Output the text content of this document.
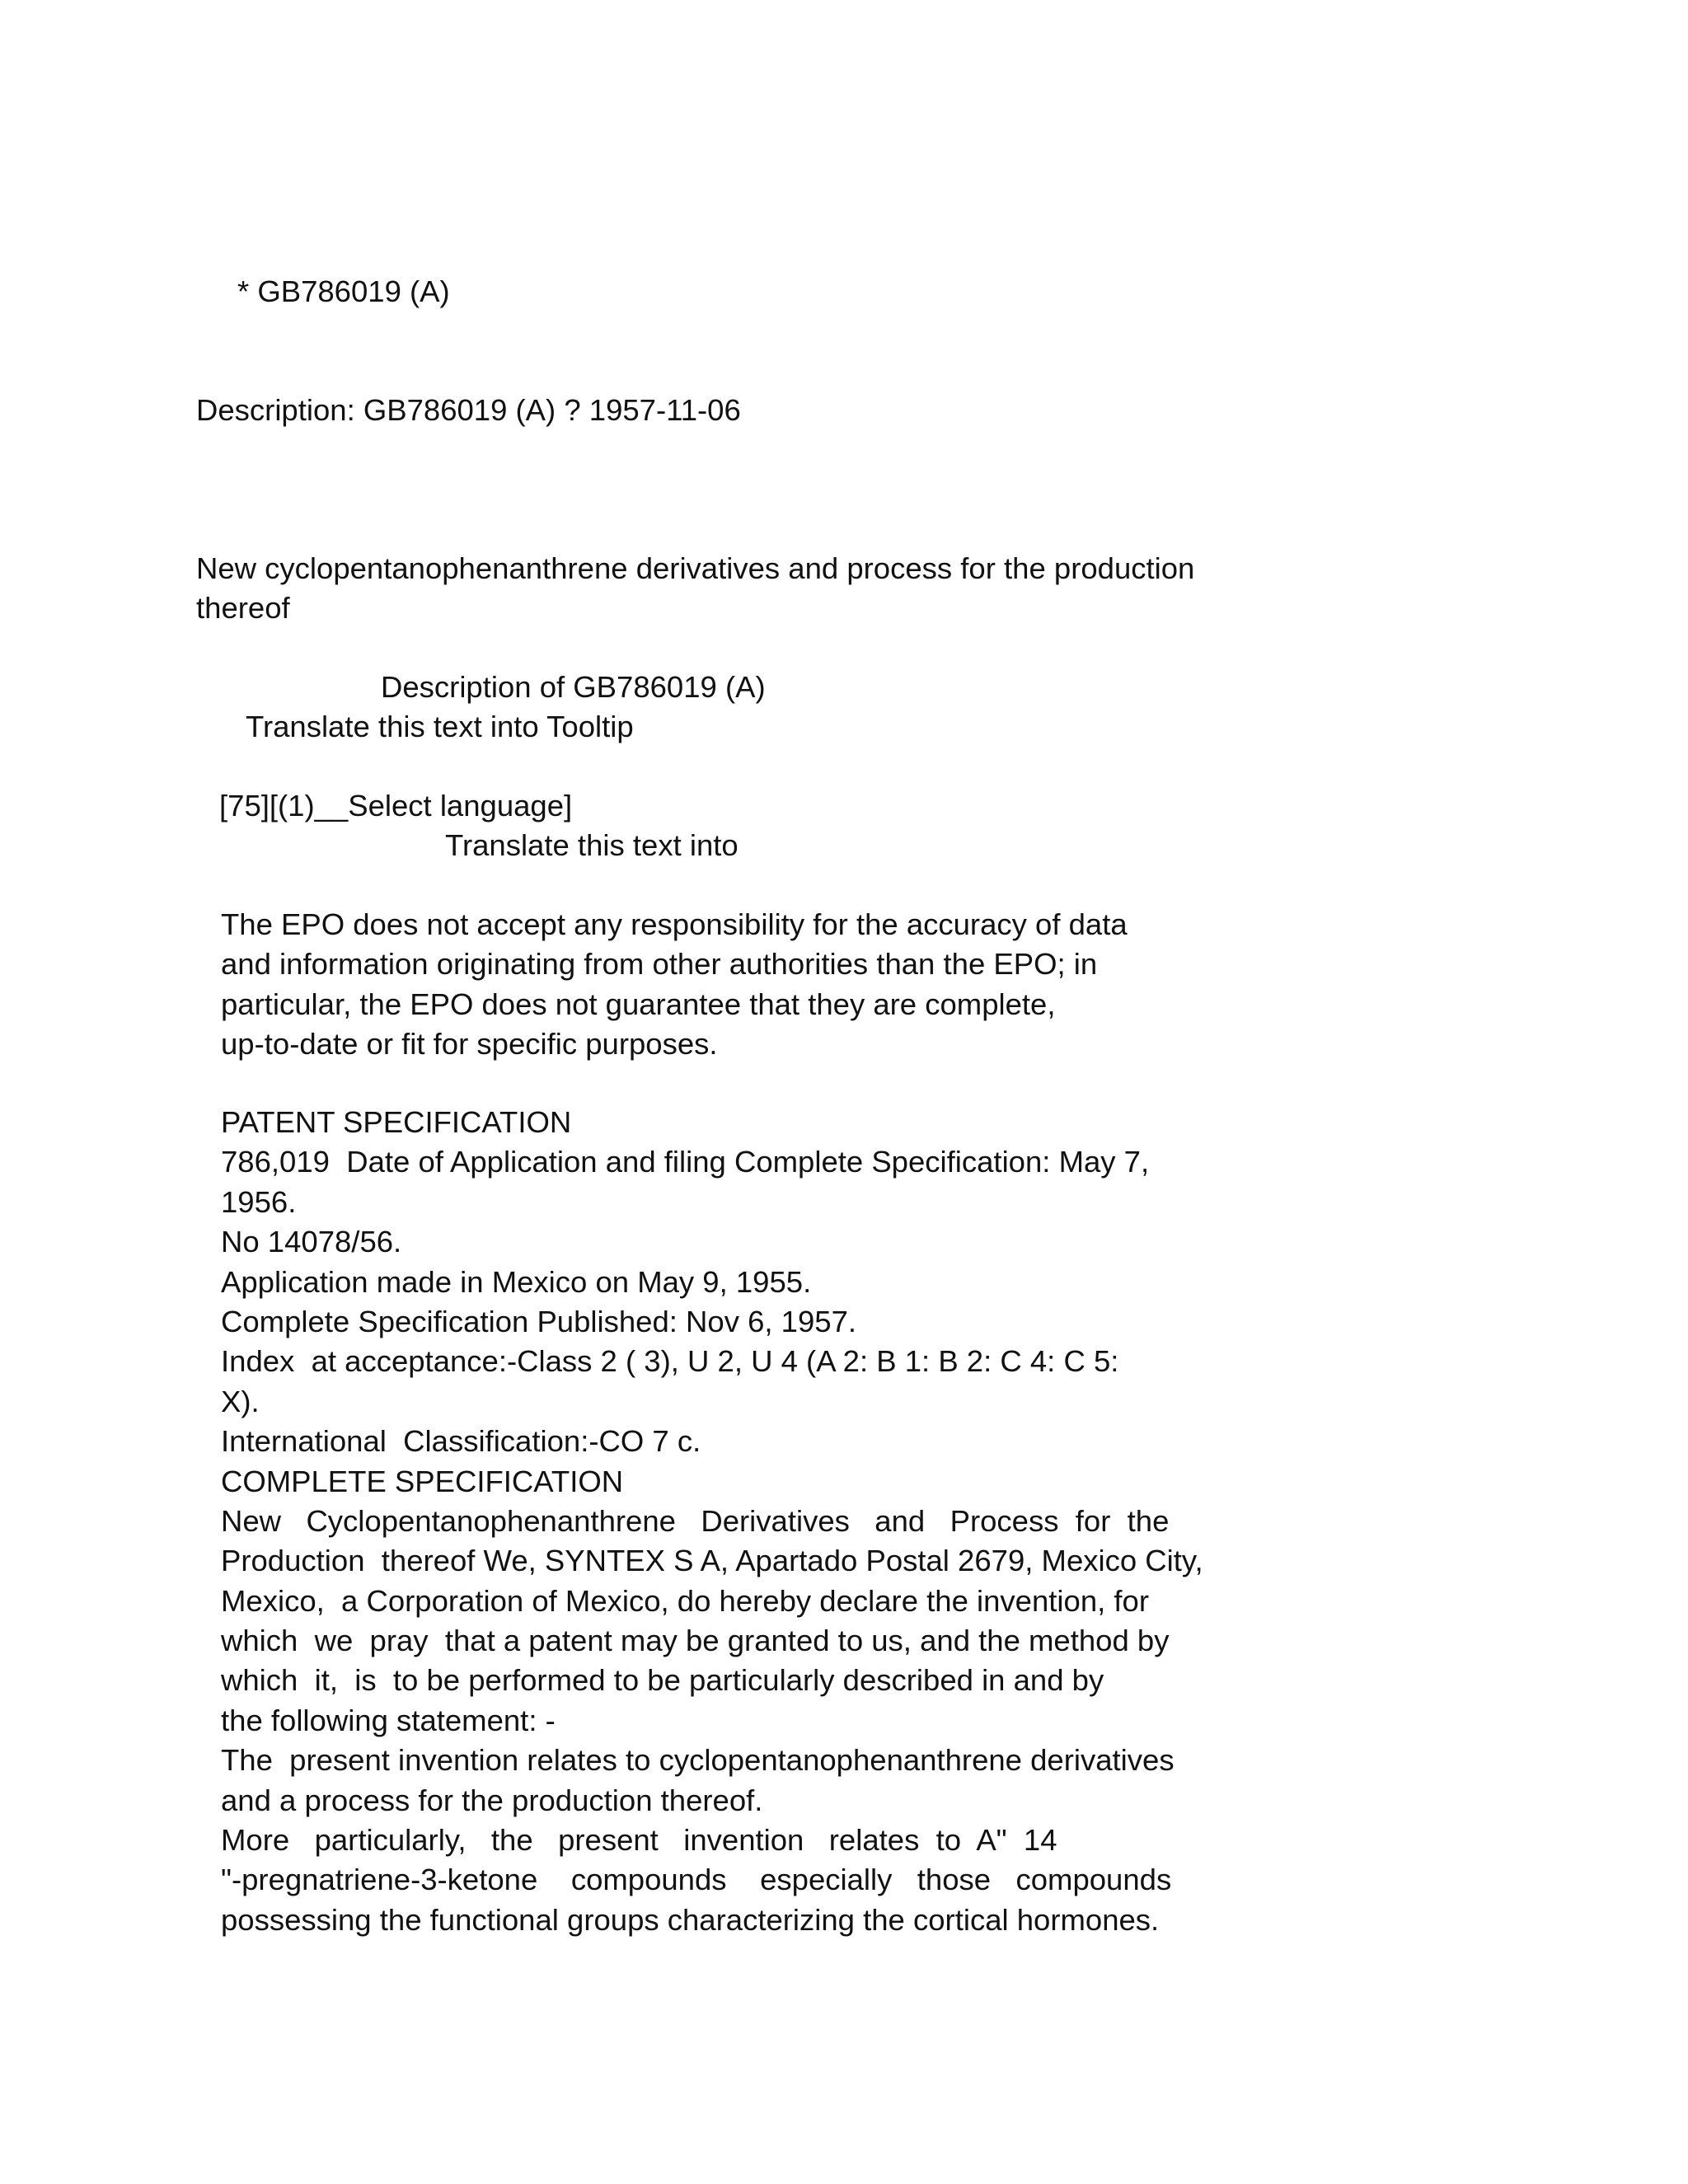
* GB786019 (A)
Description: GB786019 (A) ? 1957-11-06
New cyclopentanophenanthrene derivatives and process for the production
thereof
Description of GB786019 (A)
Translate this text into Tooltip
[75][(1)__Select language]
Translate this text into
The EPO does not accept any responsibility for the accuracy of data
and information originating from other authorities than the EPO; in
particular, the EPO does not guarantee that they are complete,
up-to-date or fit for specific purposes.
PATENT SPECIFICATION
786,019  Date of Application and filing Complete Specification: May 7,
1956.
No 14078/56.
Application made in Mexico on May 9, 1955.
Complete Specification Published: Nov 6, 1957.
Index  at acceptance:-Class 2 ( 3), U 2, U 4 (A 2: B 1: B 2: C 4: C 5:
X).
International  Classification:-CO 7 c.
COMPLETE SPECIFICATION
New   Cyclopentanophenanthrene   Derivatives   and   Process  for  the
Production  thereof We, SYNTEX S A, Apartado Postal 2679, Mexico City,
Mexico,  a Corporation of Mexico, do hereby declare the invention, for
which  we  pray  that a patent may be granted to us, and the method by
which  it,  is  to be performed to be particularly described in and by
the following statement: -
The  present invention relates to cyclopentanophenanthrene derivatives
and a process for the production thereof.
More   particularly,   the   present   invention   relates  to  A"  14
"-pregnatriene-3-ketone    compounds    especially   those   compounds
possessing the functional groups characterizing the cortical hormones.
